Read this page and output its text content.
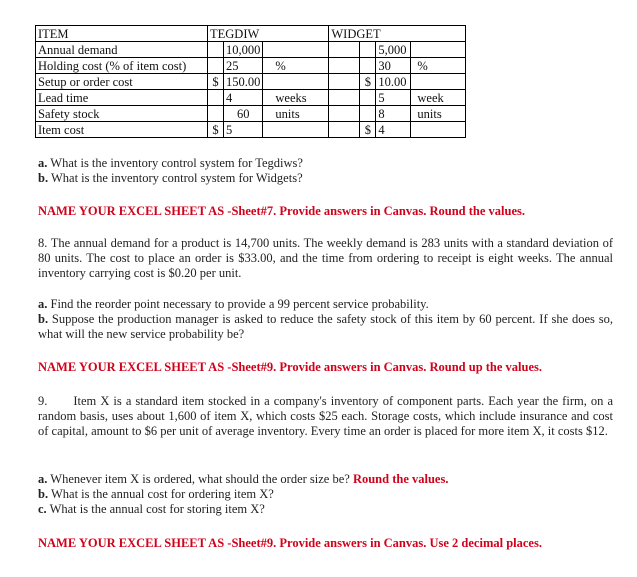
ITEM	TEGDIW			WIDGET			
Annual demand		10,000				5,000	
Holding cost (% of item cost)		25	%			30	%
Setup or order cost	$	150.00			$	10.00	
Lead time		4	weeks			5	week
Safety stock		60	units			8	units
Item cost	$	5			$	4	

a. What is the inventory control system for Tegdiws?

b. What is the inventory control system for Widgets?

NAME YOUR EXCEL SHEET AS -Sheet#7. Provide answers in Canvas. Round the values.
8. The annual demand for a product is 14,700 units. The weekly demand is 283 units with a standard deviation of 80 units. The cost to place an order is $33.00, and the time from ordering to receipt is eight weeks. The annual inventory carrying cost is $0.20 per unit.

a. Find the reorder point necessary to provide a 99 percent service probability.

b. Suppose the production manager is asked to reduce the safety stock of this item by 60 percent. If she does so, what will the new service probability be?

NAME YOUR EXCEL SHEET AS -Sheet#9. Provide answers in Canvas. Round up the values.
9. Item X is a standard item stocked in a company's inventory of component parts. Each year the firm, on a random basis, uses about 1,600 of item X, which costs $25 each. Storage costs, which include insurance and cost of capital, amount to $6 per unit of average inventory. Every time an order is placed for more item X, it costs $12.

a. Whenever item X is ordered, what should the order size be? Round the values.

b. What is the annual cost for ordering item X?

c. What is the annual cost for storing item X?

NAME YOUR EXCEL SHEET AS -Sheet#9. Provide answers in Canvas. Use 2 decimal places.
